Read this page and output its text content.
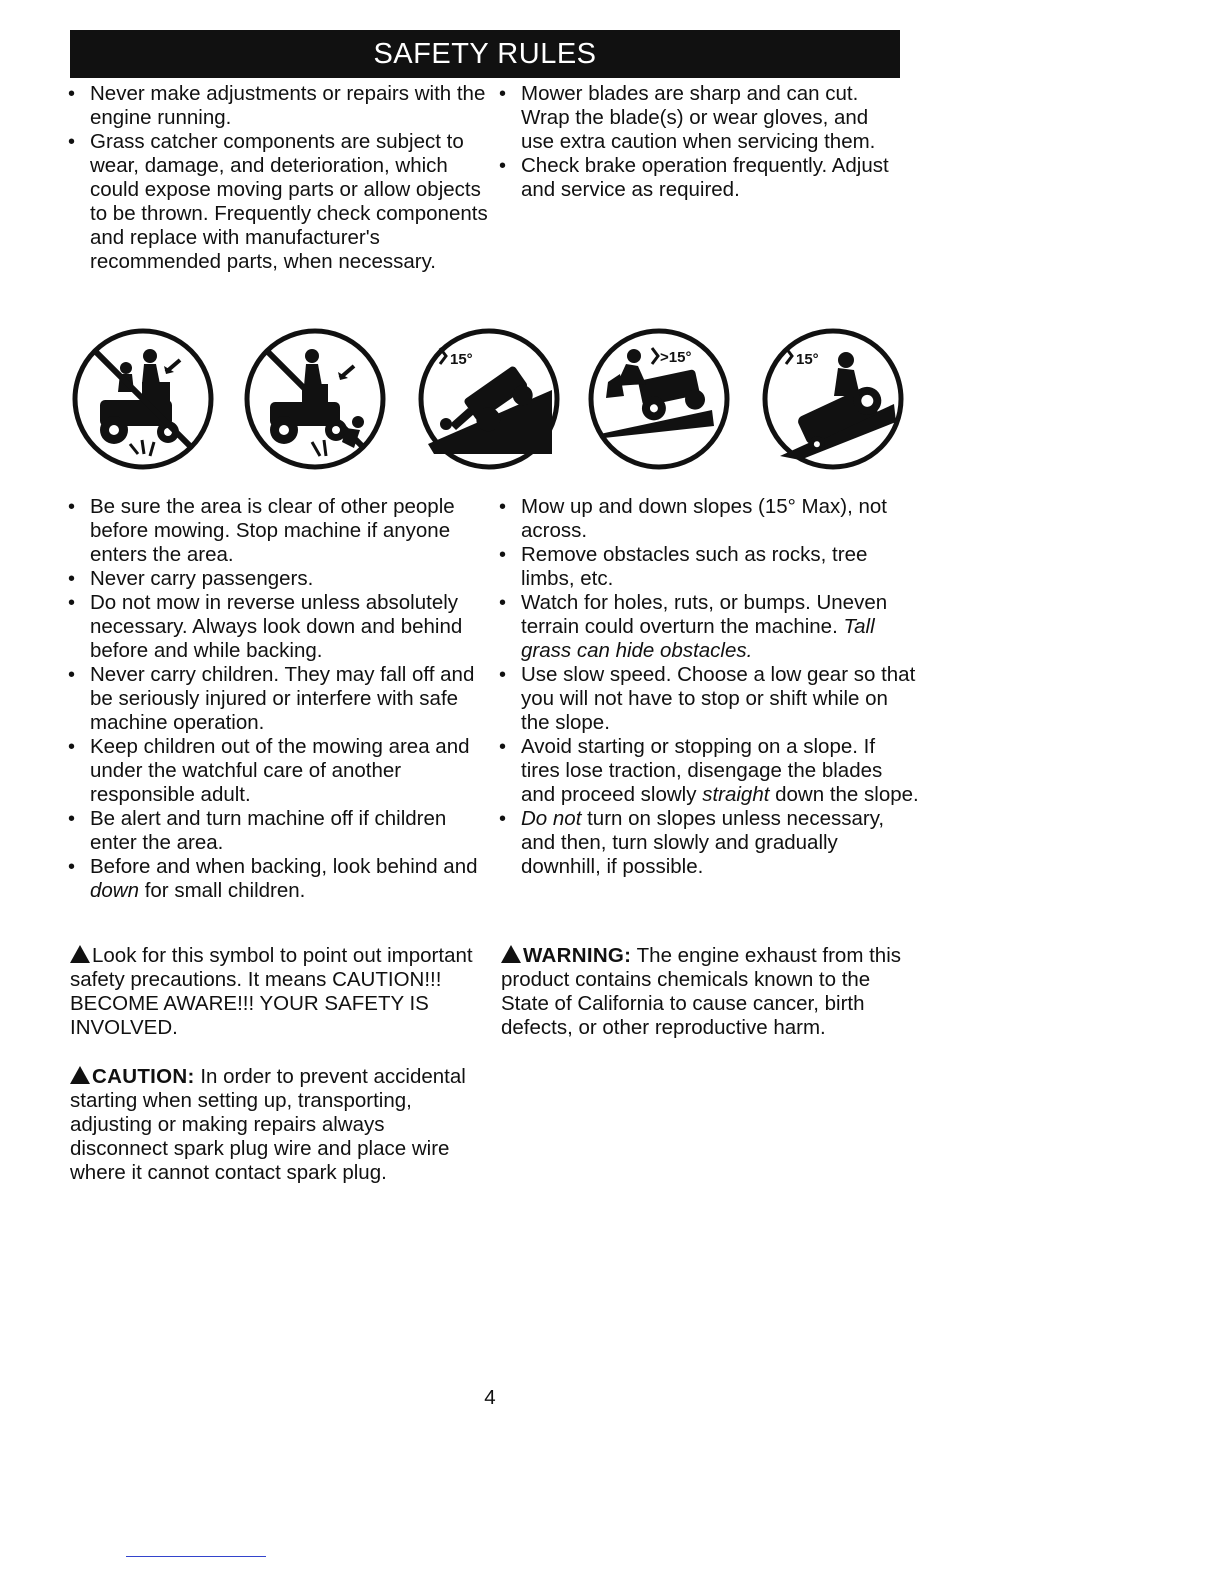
SAFETY RULES
• Never make adjustments or repairs with the engine running.
• Grass catcher components are subject to wear, damage, and deterioration, which could expose moving parts or allow objects to be thrown. Frequently check components and replace with manufacturer's recommended parts, when necessary.
• Mower blades are sharp and can cut. Wrap the blade(s) or wear gloves, and use extra caution when servicing them.
• Check brake operation frequently. Adjust and service as required.
15°	>15°	15°
• Be sure the area is clear of other people before mowing. Stop machine if anyone enters the area.
• Never carry passengers.
• Do not mow in reverse unless absolutely necessary. Always look down and behind before and while backing.
• Never carry children. They may fall off and be seriously injured or interfere with safe machine operation.
• Keep children out of the mowing area and under the watchful care of another responsible adult.
• Be alert and turn machine off if children enter the area.
• Before and when backing, look behind and down for small children.
• Mow up and down slopes (15° Max), not across.
• Remove obstacles such as rocks, tree limbs, etc.
• Watch for holes, ruts, or bumps. Uneven terrain could overturn the machine. Tall grass can hide obstacles.
• Use slow speed. Choose a low gear so that you will not have to stop or shift while on the slope.
• Avoid starting or stopping on a slope. If tires lose traction, disengage the blades and proceed slowly straight down the slope.
• Do not turn on slopes unless necessary, and then, turn slowly and gradually downhill, if possible.
Look for this symbol to point out important safety precautions. It means CAUTION!!! BECOME AWARE!!! YOUR SAFETY IS INVOLVED.
WARNING: The engine exhaust from this product contains chemicals known to the State of California to cause cancer, birth defects, or other reproductive harm.
CAUTION: In order to prevent accidental starting when setting up, transporting, adjusting or making repairs always disconnect spark plug wire and place wire where it cannot contact spark plug.
4
